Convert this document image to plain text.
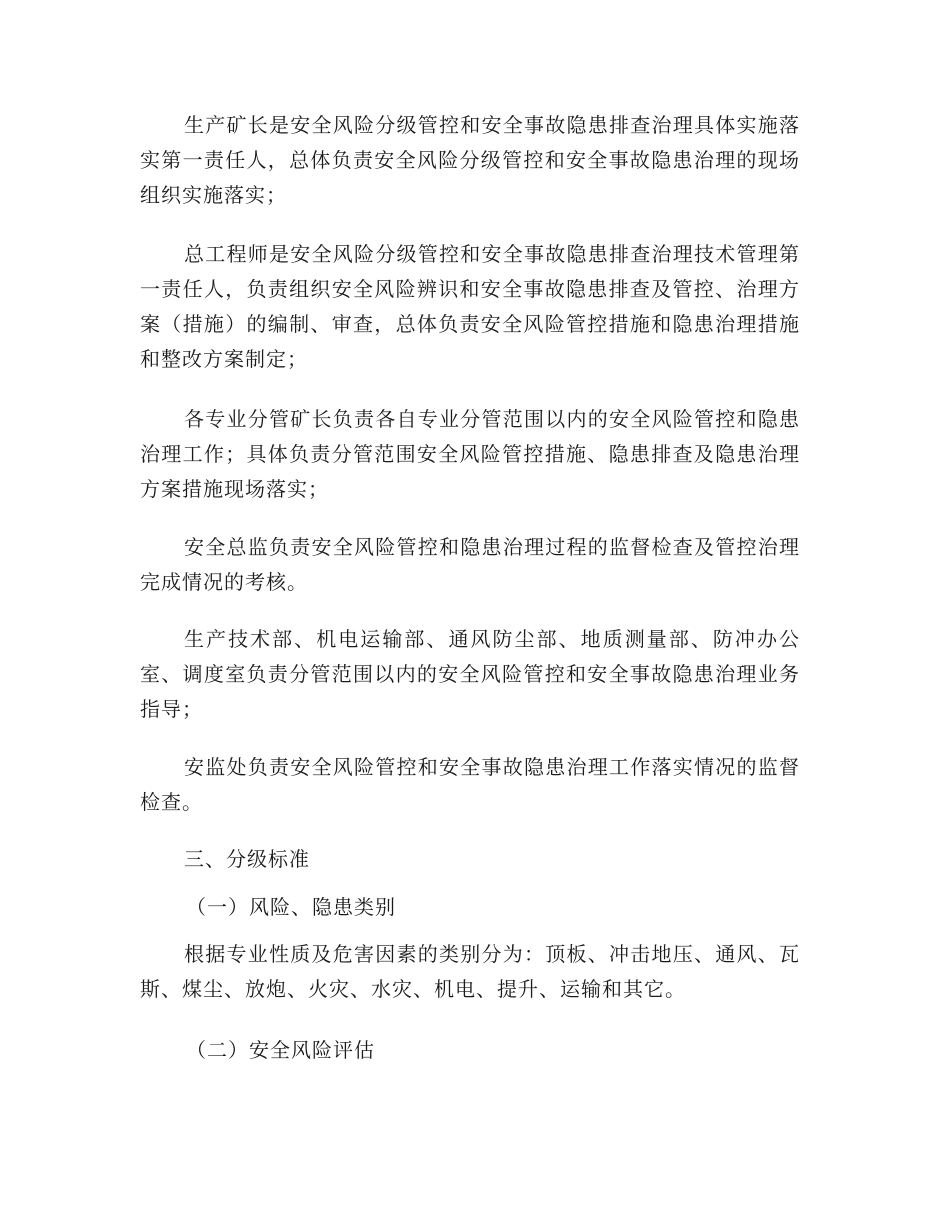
生产矿长是安全风险分级管控和安全事故隐患排查治理具体实施落实第一责任人，总体负责安全风险分级管控和安全事故隐患治理的现场组织实施落实；

总工程师是安全风险分级管控和安全事故隐患排查治理技术管理第一责任人，负责组织安全风险辨识和安全事故隐患排查及管控、治理方案（措施）的编制、审查，总体负责安全风险管控措施和隐患治理措施和整改方案制定；

各专业分管矿长负责各自专业分管范围以内的安全风险管控和隐患治理工作；具体负责分管范围安全风险管控措施、隐患排查及隐患治理方案措施现场落实；

安全总监负责安全风险管控和隐患治理过程的监督检查及管控治理完成情况的考核。

生产技术部、机电运输部、通风防尘部、地质测量部、防冲办公室、调度室负责分管范围以内的安全风险管控和安全事故隐患治理业务指导；

安监处负责安全风险管控和安全事故隐患治理工作落实情况的监督检查。

三、分级标准

（一）风险、隐患类别

根据专业性质及危害因素的类别分为：顶板、冲击地压、通风、瓦斯、煤尘、放炮、火灾、水灾、机电、提升、运输和其它。

（二）安全风险评估
